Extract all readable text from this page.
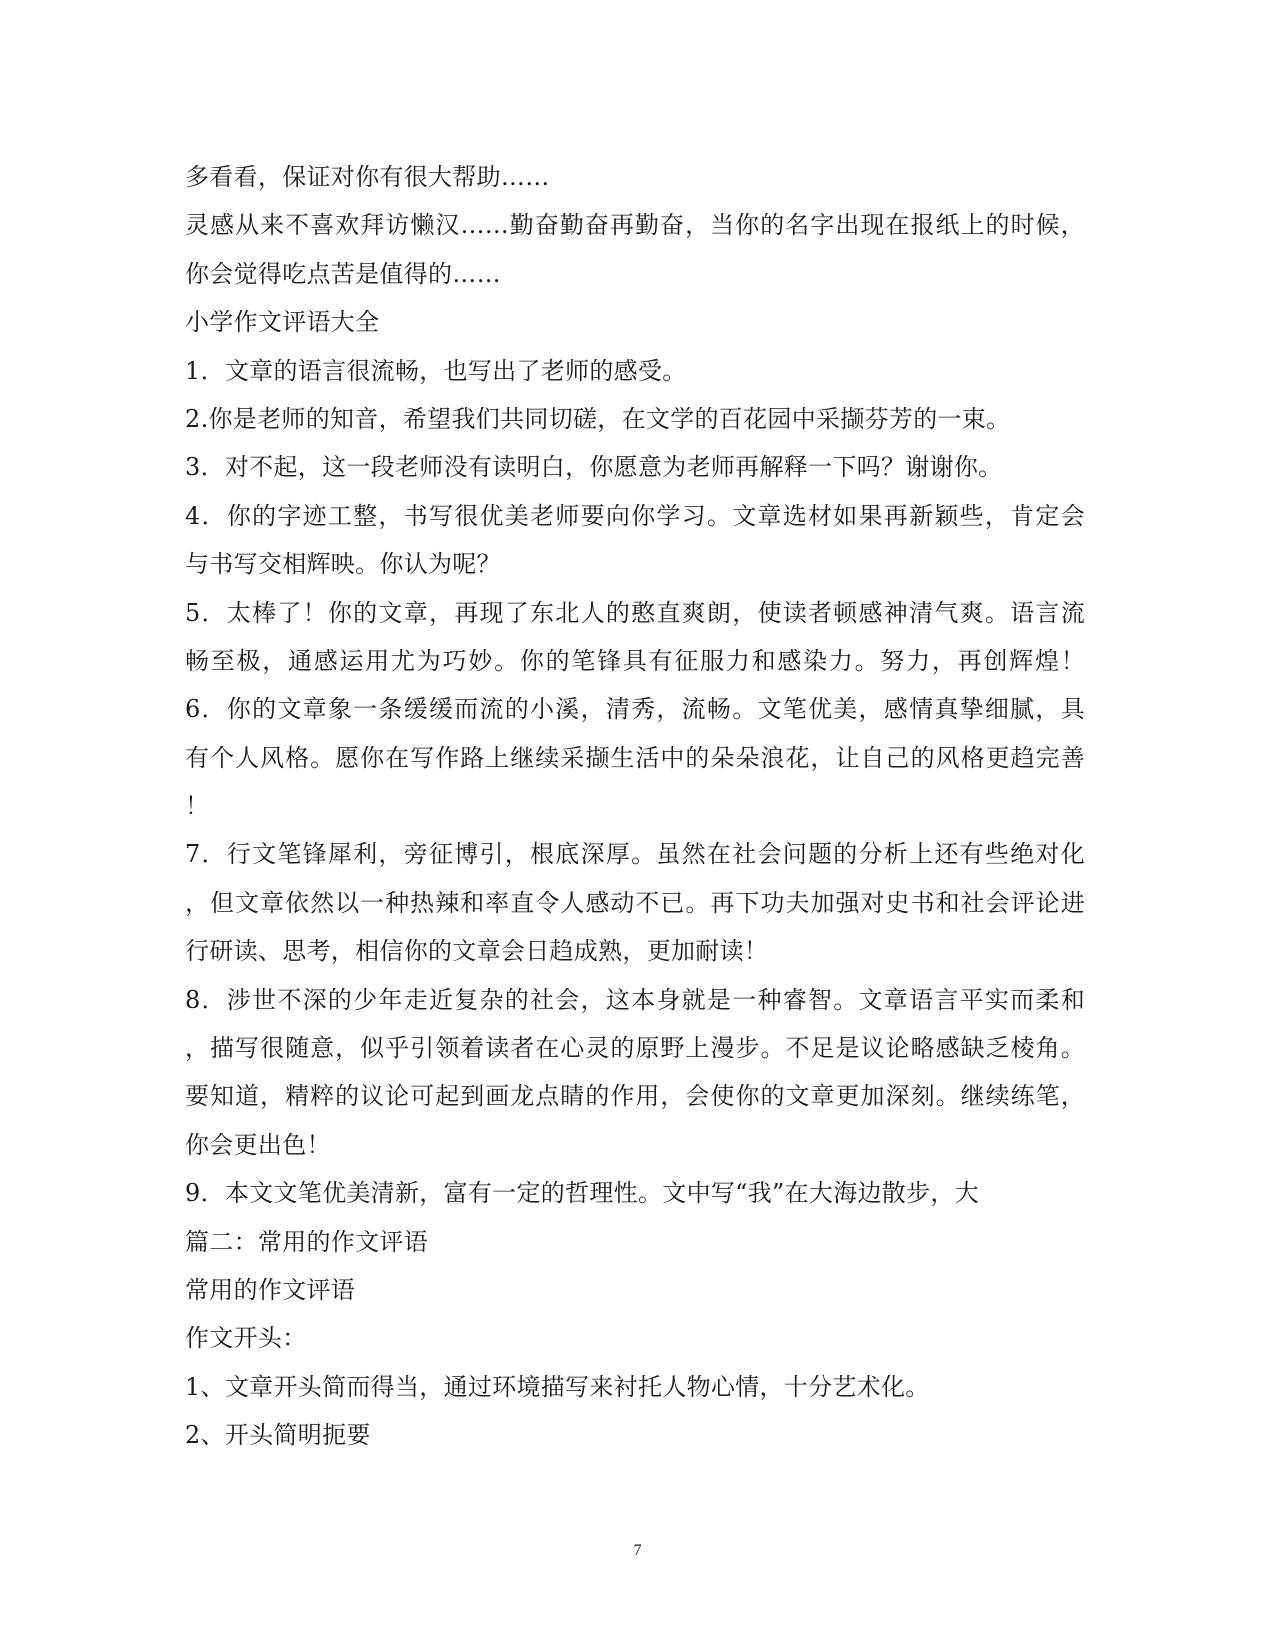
多看看，保证对你有很大帮助……
灵感从来不喜欢拜访懒汉……勤奋勤奋再勤奋，当你的名字出现在报纸上的时候，
你会觉得吃点苦是值得的……
小学作文评语大全
1．文章的语言很流畅，也写出了老师的感受。
2.你是老师的知音，希望我们共同切磋，在文学的百花园中采撷芬芳的一束。
3．对不起，这一段老师没有读明白，你愿意为老师再解释一下吗？谢谢你。
4．你的字迹工整，书写很优美老师要向你学习。文章选材如果再新颖些，肯定会
与书写交相辉映。你认为呢？
5．太棒了！你的文章，再现了东北人的憨直爽朗，使读者顿感神清气爽。语言流
畅至极，通感运用尤为巧妙。你的笔锋具有征服力和感染力。努力，再创辉煌！
6．你的文章象一条缓缓而流的小溪，清秀，流畅。文笔优美，感情真挚细腻，具
有个人风格。愿你在写作路上继续采撷生活中的朵朵浪花，让自己的风格更趋完善
！
7．行文笔锋犀利，旁征博引，根底深厚。虽然在社会问题的分析上还有些绝对化
，但文章依然以一种热辣和率直令人感动不已。再下功夫加强对史书和社会评论进
行研读、思考，相信你的文章会日趋成熟，更加耐读！
8．涉世不深的少年走近复杂的社会，这本身就是一种睿智。文章语言平实而柔和
，描写很随意，似乎引领着读者在心灵的原野上漫步。不足是议论略感缺乏棱角。
要知道，精粹的议论可起到画龙点睛的作用，会使你的文章更加深刻。继续练笔，
你会更出色！
9．本文文笔优美清新，富有一定的哲理性。文中写“我”在大海边散步，大
篇二：常用的作文评语
常用的作文评语
作文开头：
1、文章开头简而得当，通过环境描写来衬托人物心情，十分艺术化。
2、开头简明扼要
7
